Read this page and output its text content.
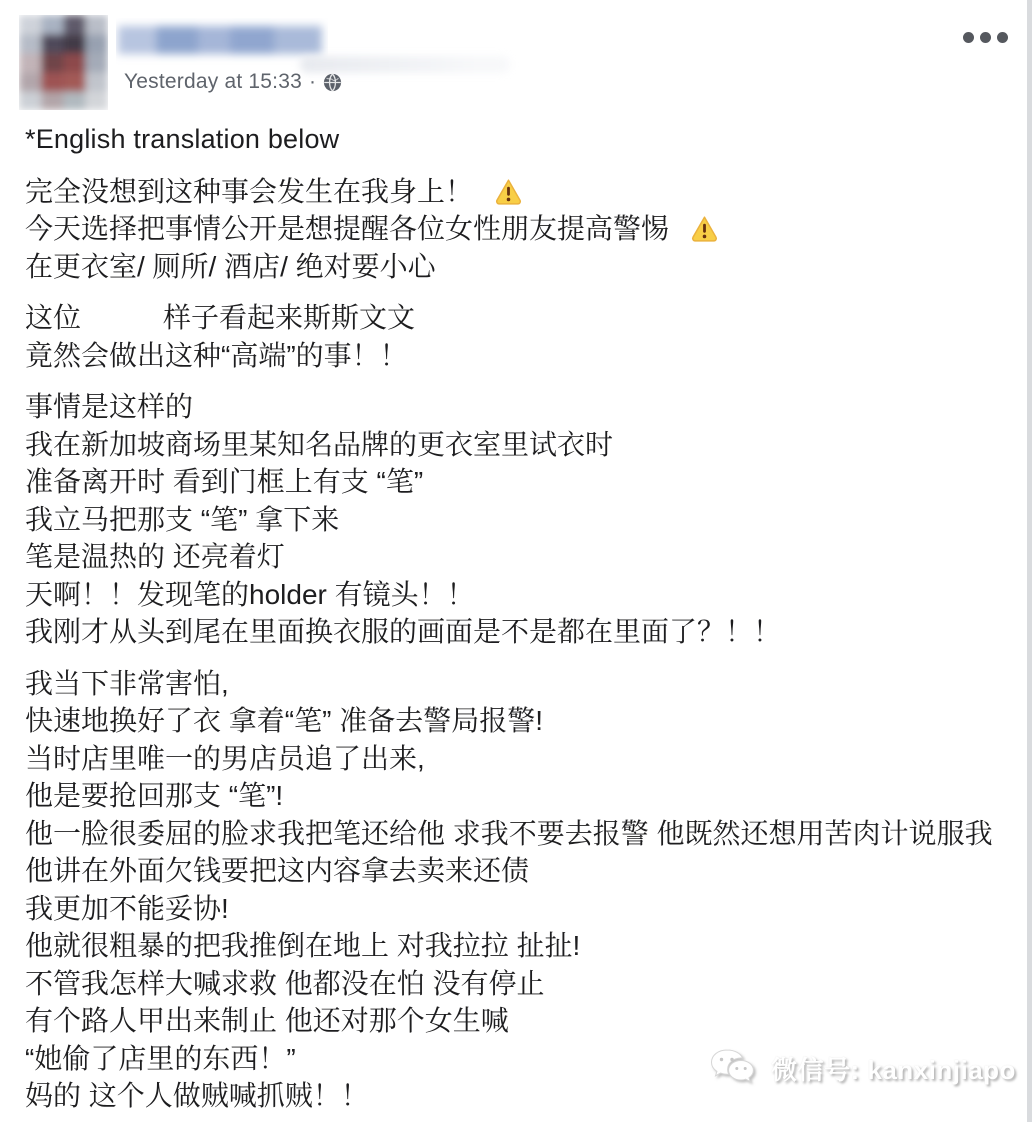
Yesterday at 15:33 ·
*English translation below
完全没想到这种事会发生在我身上！
今天选择把事情公开是想提醒各位女性朋友提高警惕
在更衣室/ 厕所/ 酒店/ 绝对要小心
这位	样子看起来斯斯文文
竟然会做出这种“高端”的事！！
事情是这样的
我在新加坡商场里某知名品牌的更衣室里试衣时
准备离开时 看到门框上有支 “笔”
我立马把那支 “笔” 拿下来
笔是温热的 还亮着灯
天啊！！发现笔的holder 有镜头！！
我刚才从头到尾在里面换衣服的画面是不是都在里面了？！！
我当下非常害怕,
快速地换好了衣 拿着“笔” 准备去警局报警!
当时店里唯一的男店员追了出来,
他是要抢回那支 “笔”!
他一脸很委屈的脸求我把笔还给他 求我不要去报警 他既然还想用苦肉计说服我
他讲在外面欠钱要把这内容拿去卖来还债
我更加不能妥协!
他就很粗暴的把我推倒在地上 对我拉拉 扯扯!
不管我怎样大喊求救 他都没在怕 没有停止
有个路人甲出来制止 他还对那个女生喊
“她偷了店里的东西！”
妈的 这个人做贼喊抓贼！！
微信号: kanxinjiapo
